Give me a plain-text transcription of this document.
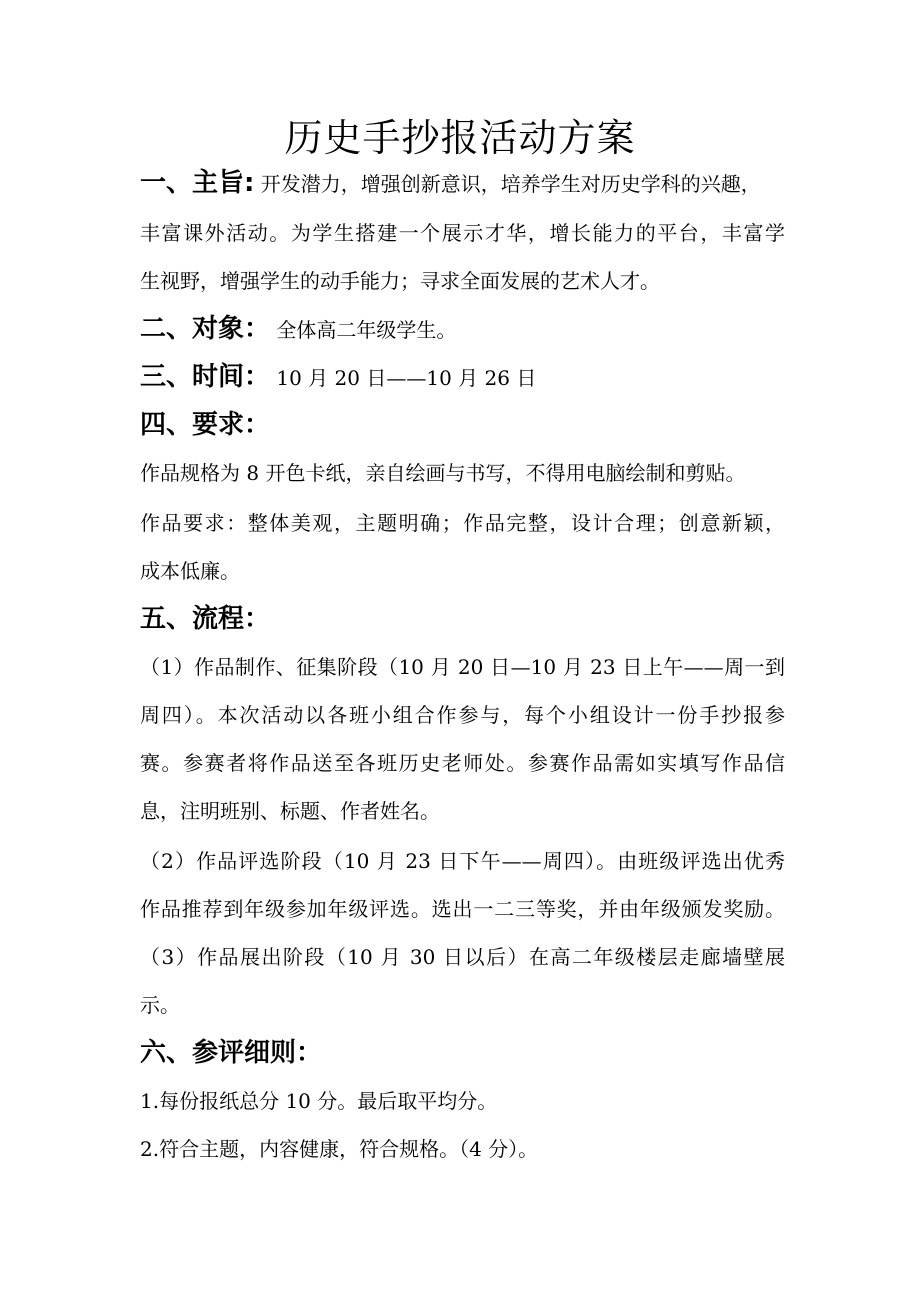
历史手抄报活动方案
一、主旨: 开发潜力，增强创新意识，培养学生对历史学科的兴趣，
丰富课外活动。为学生搭建一个展示才华，增长能力的平台，丰富学
生视野，增强学生的动手能力；寻求全面发展的艺术人才。
二、对象： 全体高二年级学生。
三、时间： 10 月 20 日——10 月 26 日
四、要求：
作品规格为 8 开色卡纸，亲自绘画与书写，不得用电脑绘制和剪贴。
作品要求：整体美观，主题明确；作品完整，设计合理；创意新颖，
成本低廉。
五、流程：
（1）作品制作、征集阶段（10 月 20 日—10 月 23 日上午——周一到
周四）。本次活动以各班小组合作参与，每个小组设计一份手抄报参
赛。参赛者将作品送至各班历史老师处。参赛作品需如实填写作品信
息，注明班别、标题、作者姓名。
（2）作品评选阶段（10 月 23 日下午——周四）。由班级评选出优秀
作品推荐到年级参加年级评选。选出一二三等奖，并由年级颁发奖励。
（3）作品展出阶段（10 月 30 日以后）在高二年级楼层走廊墙壁展
示。
六、参评细则：
1.每份报纸总分 10 分。最后取平均分。
2.符合主题，内容健康，符合规格。（4 分）。
